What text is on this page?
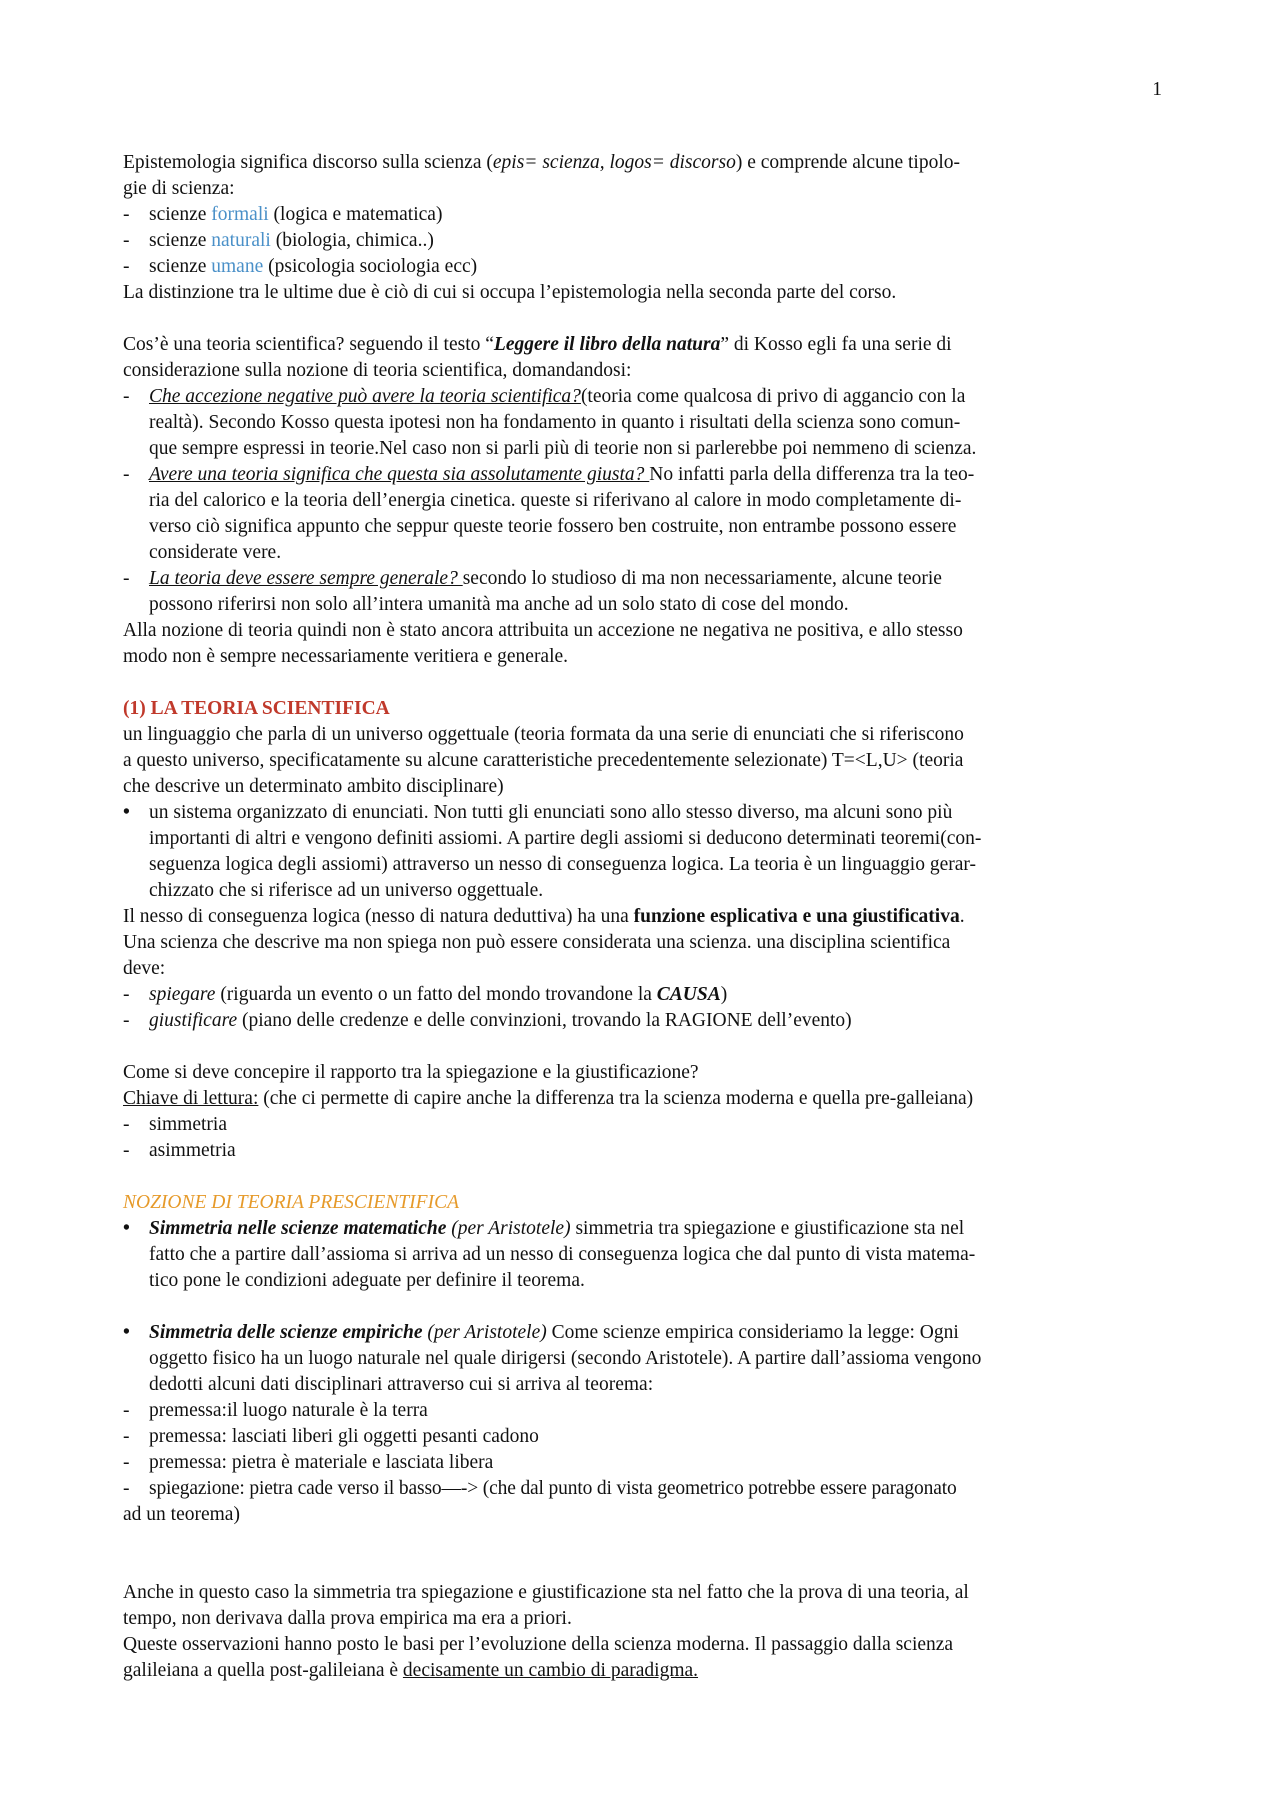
1

Epistemologia significa discorso sulla scienza (epis= scienza, logos= discorso) e comprende alcune tipolo-

gie di scienza:

- scienze formali (logica e matematica)

- scienze naturali (biologia, chimica..)

- scienze umane (psicologia sociologia ecc)

La distinzione tra le ultime due è ciò di cui si occupa l’epistemologia nella seconda parte del corso.

Cos’è una teoria scientifica? seguendo il testo “Leggere il libro della natura” di Kosso egli fa una serie di

considerazione sulla nozione di teoria scientifica, domandandosi:

- Che accezione negative può avere la teoria scientifica?(teoria come qualcosa di privo di aggancio con la

realtà). Secondo Kosso questa ipotesi non ha fondamento in quanto i risultati della scienza sono comun-

que sempre espressi in teorie.Nel caso non si parli più di teorie non si parlerebbe poi nemmeno di scienza.

- Avere una teoria significa che questa sia assolutamente giusta? No infatti parla della differenza tra la teo-

ria del calorico e la teoria dell’energia cinetica. queste si riferivano al calore in modo completamente di-

verso ciò significa appunto che seppur queste teorie fossero ben costruite, non entrambe possono essere

considerate vere.

- La teoria deve essere sempre generale? secondo lo studioso di ma non necessariamente, alcune teorie

possono riferirsi non solo all’intera umanità ma anche ad un solo stato di cose del mondo.

Alla nozione di teoria quindi non è stato ancora attribuita un accezione ne negativa ne positiva, e allo stesso

modo non è sempre necessariamente veritiera e generale.

(1) LA TEORIA SCIENTIFICA

un linguaggio che parla di un universo oggettuale (teoria formata da una serie di enunciati che si riferiscono

a questo universo, specificatamente su alcune caratteristiche precedentemente selezionate) T=<L,U> (teoria

che descrive un determinato ambito disciplinare)

• un sistema organizzato di enunciati. Non tutti gli enunciati sono allo stesso diverso, ma alcuni sono più

importanti di altri e vengono definiti assiomi. A partire degli assiomi si deducono determinati teoremi(con-

seguenza logica degli assiomi) attraverso un nesso di conseguenza logica. La teoria è un linguaggio gerar-

chizzato che si riferisce ad un universo oggettuale.

Il nesso di conseguenza logica (nesso di natura deduttiva) ha una funzione esplicativa e una giustificativa.

Una scienza che descrive ma non spiega non può essere considerata una scienza. una disciplina scientifica

deve:

- spiegare (riguarda un evento o un fatto del mondo trovandone la CAUSA)

- giustificare (piano delle credenze e delle convinzioni, trovando la RAGIONE dell’evento)

Come si deve concepire il rapporto tra la spiegazione e la giustificazione?

Chiave di lettura: (che ci permette di capire anche la differenza tra la scienza moderna e quella pre-galleiana)

- simmetria

- asimmetria

NOZIONE DI TEORIA PRESCIENTIFICA

• Simmetria nelle scienze matematiche (per Aristotele) simmetria tra spiegazione e giustificazione sta nel

fatto che a partire dall’assioma si arriva ad un nesso di conseguenza logica che dal punto di vista matema-

tico pone le condizioni adeguate per definire il teorema.

• Simmetria delle scienze empiriche (per Aristotele) Come scienze empirica consideriamo la legge: Ogni

oggetto fisico ha un luogo naturale nel quale dirigersi (secondo Aristotele). A partire dall’assioma vengono

dedotti alcuni dati disciplinari attraverso cui si arriva al teorema:

- premessa:il luogo naturale è la terra

- premessa: lasciati liberi gli oggetti pesanti cadono

- premessa: pietra è materiale e lasciata libera

- spiegazione: pietra cade verso il basso—-> (che dal punto di vista geometrico potrebbe essere paragonato

ad un teorema)

Anche in questo caso la simmetria tra spiegazione e giustificazione sta nel fatto che la prova di una teoria, al

tempo, non derivava dalla prova empirica ma era a priori.

Queste osservazioni hanno posto le basi per l’evoluzione della scienza moderna. Il passaggio dalla scienza

galileiana a quella post-galileiana è decisamente un cambio di paradigma.
